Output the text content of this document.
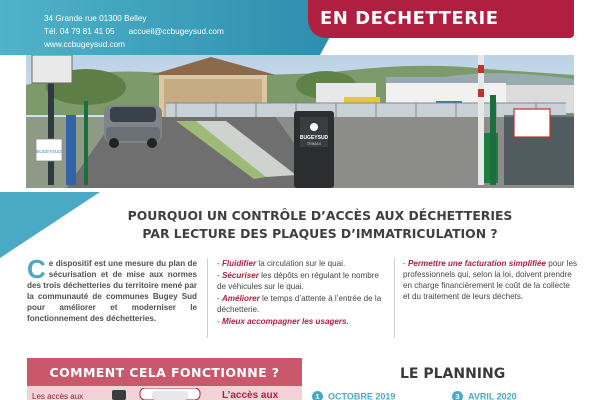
34 Grande rue 01300 Belley
Tél. 04 79 81 41 05 accueil@ccbugeysud.com
www.ccbugeysud.com
EN DECHETTERIE
BUGEYSUD
BUGEYSUD
TRIMAX
POURQUOI UN CONTRÔLE D’ACCÈS AUX DÉCHETTERIES
PAR LECTURE DES PLAQUES D’IMMATRICULATION ?
Ce dispositif est une mesure du plan de sécurisation et de mise aux normes des trois déchetteries du territoire mené par la communauté de communes Bugey Sud pour améliorer et moderniser le fonctionnement des déchetteries.
- Fluidifier la circulation sur le quai.
- Sécuriser les dépôts en régulant le nombre de véhicules sur le quai.
- Améliorer le temps d’attente à l’entrée de la déchetterie.
- Mieux accompagner les usagers.
- Permettre une facturation simplifiée pour les professionnels qui, selon la loi, doivent prendre en charge financièrement le coût de la collecte et du traitement de leurs déchets.
COMMENT CELA FONCTIONNE ?
Les accès aux	L’accès aux
LE PLANNING
1 OCTOBRE 2019	3 AVRIL 2020
